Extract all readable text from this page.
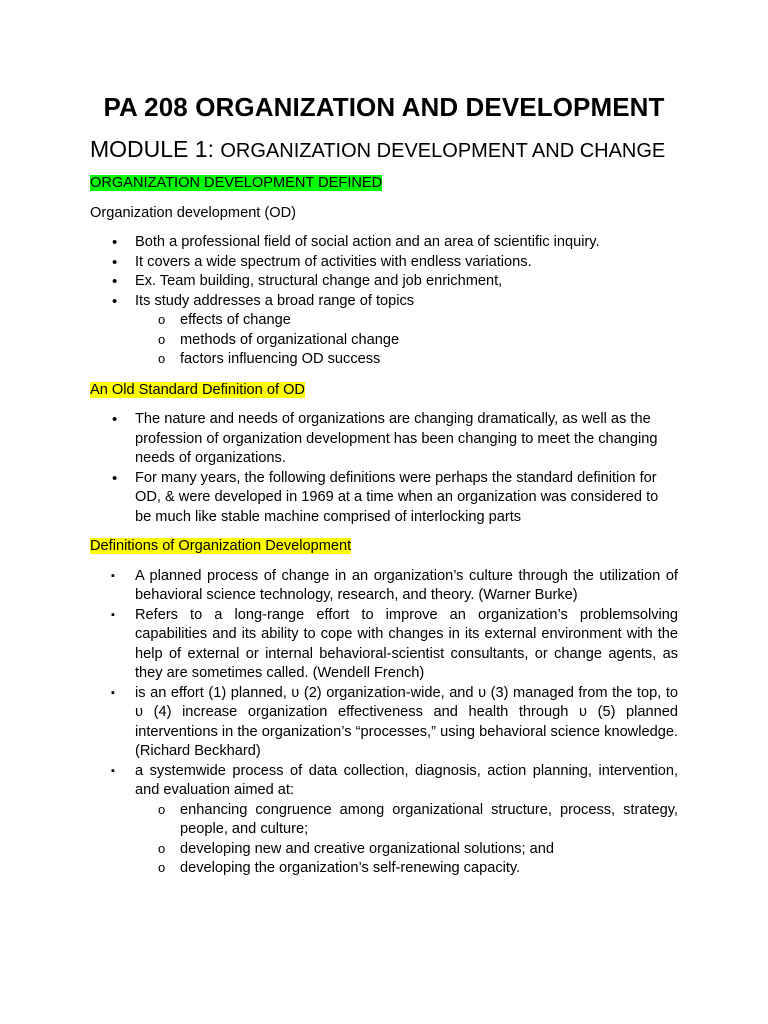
PA 208 ORGANIZATION AND DEVELOPMENT
MODULE 1: ORGANIZATION DEVELOPMENT AND CHANGE

ORGANIZATION DEVELOPMENT DEFINED

Organization development (OD)

• Both a professional field of social action and an area of scientific inquiry.
• It covers a wide spectrum of activities with endless variations.
• Ex. Team building, structural change and job enrichment,
• Its study addresses a broad range of topics
o effects of change
o methods of organizational change
o factors influencing OD success

An Old Standard Definition of OD

• The nature and needs of organizations are changing dramatically, as well as the profession of organization development has been changing to meet the changing needs of organizations.
• For many years, the following definitions were perhaps the standard definition for OD, & were developed in 1969 at a time when an organization was considered to be much like stable machine comprised of interlocking parts

Definitions of Organization Development

▪ A planned process of change in an organization’s culture through the utilization of behavioral science technology, research, and theory. (Warner Burke)
▪ Refers to a long-range effort to improve an organization’s problemsolving capabilities and its ability to cope with changes in its external environment with the help of external or internal behavioral-scientist consultants, or change agents, as they are sometimes called. (Wendell French)
▪ is an effort (1) planned, υ (2) organization-wide, and υ (3) managed from the top, to υ (4) increase organization effectiveness and health through υ (5) planned interventions in the organization’s “processes,” using behavioral science knowledge. (Richard Beckhard)
▪ a systemwide process of data collection, diagnosis, action planning, intervention, and evaluation aimed at:
o enhancing congruence among organizational structure, process, strategy, people, and culture;
o developing new and creative organizational solutions; and
o developing the organization’s self-renewing capacity.
